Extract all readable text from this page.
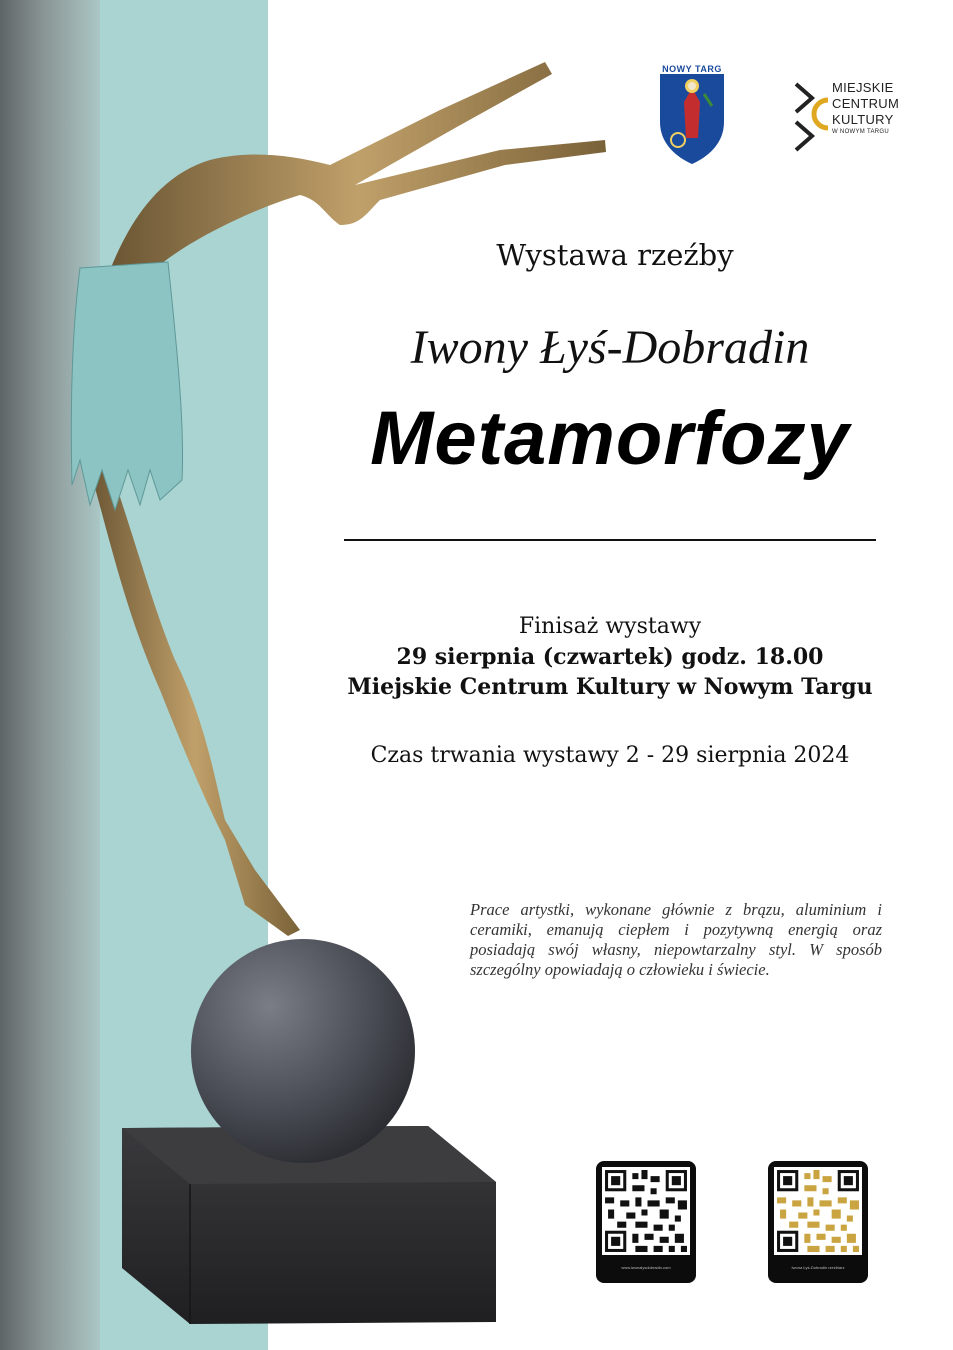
NOWY TARG
MIEJSKIE
CENTRUM
KULTURY
W NOWYM TARGU
Wystawa rzeźby
Iwony Łyś-Dobradin
Metamorfozy
Finisaż wystawy
29 sierpnia (czwartek) godz. 18.00
Miejskie Centrum Kultury w Nowym Targu
Czas trwania wystawy 2 - 29 sierpnia 2024
Prace artystki, wykonane głównie z brązu, aluminium i ceramiki, emanują ciepłem i pozytywną energią oraz posiadają swój własny, niepowtarzalny styl. W sposób szczególny opowiadają o człowieku i świecie.
www.iwonalysdobradin.com	Iwona Łyś-Dobradin rzeźbiarz
